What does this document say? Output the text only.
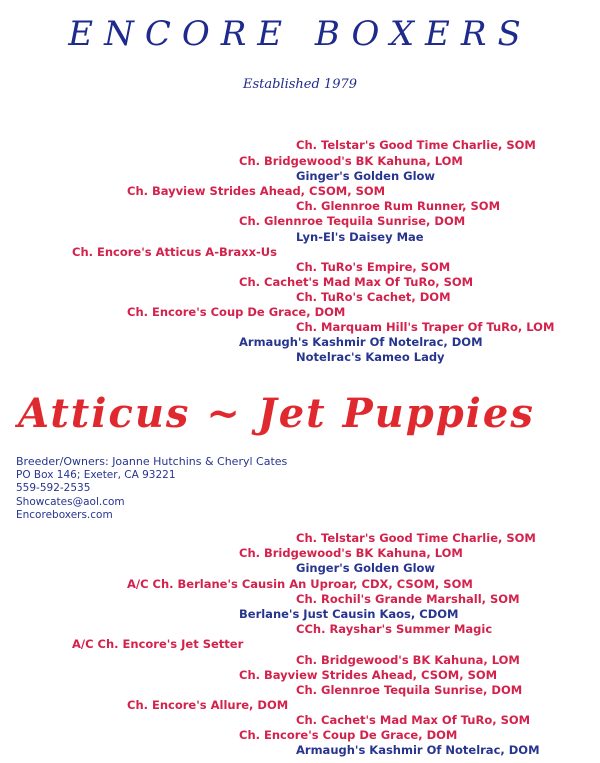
ENCORE BOXERS
Established 1979
Ch. Telstar's Good Time Charlie, SOM
Ch. Bridgewood's BK Kahuna, LOM
Ginger's Golden Glow
Ch. Bayview Strides Ahead, CSOM, SOM
Ch. Glennroe Rum Runner, SOM
Ch. Glennroe Tequila Sunrise, DOM
Lyn-El's Daisey Mae
Ch. Encore's Atticus A-Braxx-Us
Ch. TuRo's Empire, SOM
Ch. Cachet's Mad Max Of TuRo, SOM
Ch. TuRo's Cachet, DOM
Ch. Encore's Coup De Grace, DOM
Ch. Marquam Hill's Traper Of TuRo, LOM
Armaugh's Kashmir Of Notelrac, DOM
Notelrac's Kameo Lady
Atticus ~ Jet Puppies
Breeder/Owners: Joanne Hutchins & Cheryl Cates
PO Box 146; Exeter, CA 93221
559-592-2535
Showcates@aol.com
Encoreboxers.com
Ch. Telstar's Good Time Charlie, SOM
Ch. Bridgewood's BK Kahuna, LOM
Ginger's Golden Glow
A/C Ch. Berlane's Causin An Uproar, CDX, CSOM, SOM
Ch. Rochil's Grande Marshall, SOM
Berlane's Just Causin Kaos, CDOM
CCh. Rayshar's Summer Magic
A/C Ch. Encore's Jet Setter
Ch. Bridgewood's BK Kahuna, LOM
Ch. Bayview Strides Ahead, CSOM, SOM
Ch. Glennroe Tequila Sunrise, DOM
Ch. Encore's Allure, DOM
Ch. Cachet's Mad Max Of TuRo, SOM
Ch. Encore's Coup De Grace, DOM
Armaugh's Kashmir Of Notelrac, DOM
